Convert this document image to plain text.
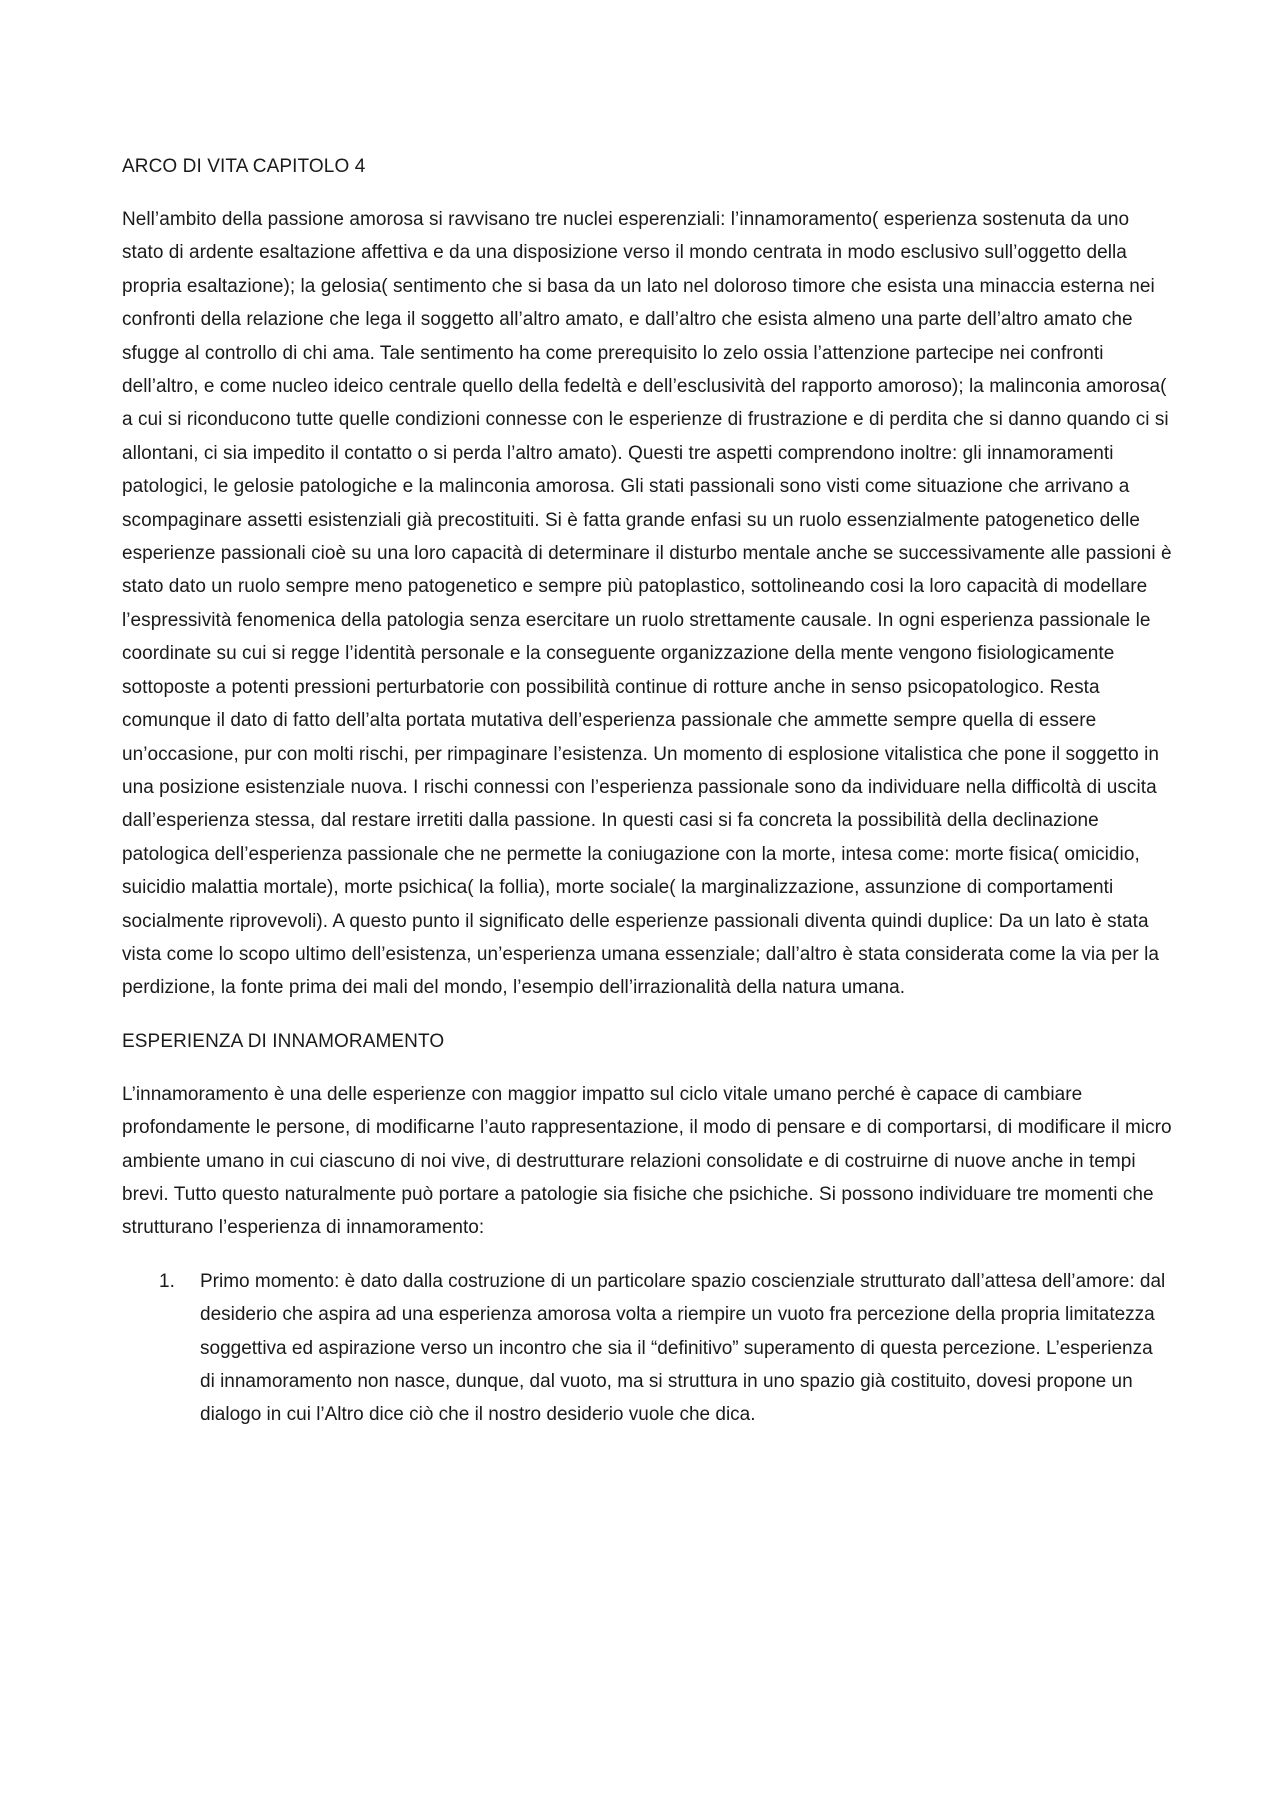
ARCO DI VITA CAPITOLO 4

Nell’ambito della passione amorosa si ravvisano tre nuclei esperenziali: l’innamoramento( esperienza sostenuta da uno stato di ardente esaltazione affettiva e da una disposizione verso il mondo centrata in modo esclusivo sull’oggetto della propria esaltazione); la gelosia( sentimento che si basa da un lato nel doloroso timore che esista una minaccia esterna nei confronti della relazione che lega il soggetto all’altro amato, e dall’altro che esista almeno una parte dell’altro amato che sfugge al controllo di chi ama. Tale sentimento ha come prerequisito lo zelo ossia l’attenzione partecipe nei confronti dell’altro, e come nucleo ideico centrale quello della fedeltà e dell’esclusività del rapporto amoroso); la malinconia amorosa( a cui si riconducono tutte quelle condizioni connesse con le esperienze di frustrazione e di perdita che si danno quando ci si allontani, ci sia impedito il contatto o si perda l’altro amato). Questi tre aspetti comprendono inoltre: gli innamoramenti patologici, le gelosie patologiche e la malinconia amorosa. Gli stati passionali sono visti come situazione che arrivano a scompaginare assetti esistenziali già precostituiti. Si è fatta grande enfasi su un ruolo essenzialmente patogenetico delle esperienze passionali cioè su una loro capacità di determinare il disturbo mentale anche se successivamente alle passioni è stato dato un ruolo sempre meno patogenetico e sempre più patoplastico, sottolineando cosi la loro capacità di modellare l’espressività fenomenica della patologia senza esercitare un ruolo strettamente causale. In ogni esperienza passionale le coordinate su cui si regge l’identità personale e la conseguente organizzazione della mente vengono fisiologicamente sottoposte a potenti pressioni perturbatorie con possibilità continue di rotture anche in senso psicopatologico. Resta comunque il dato di fatto dell’alta portata mutativa dell’esperienza passionale che ammette sempre quella di essere un’occasione, pur con molti rischi, per rimpaginare l’esistenza. Un momento di esplosione vitalistica che pone il soggetto in una posizione esistenziale nuova. I rischi connessi con l’esperienza passionale sono da individuare nella difficoltà di uscita dall’esperienza stessa, dal restare irretiti dalla passione. In questi casi si fa concreta la possibilità della declinazione patologica dell’esperienza passionale che ne permette la coniugazione con la morte, intesa come: morte fisica( omicidio, suicidio malattia mortale), morte psichica( la follia), morte sociale( la marginalizzazione, assunzione di comportamenti socialmente riprovevoli). A questo punto il significato delle esperienze passionali diventa quindi duplice: Da un lato è stata vista come lo scopo ultimo dell’esistenza, un’esperienza umana essenziale; dall’altro è stata considerata come la via per la perdizione, la fonte prima dei mali del mondo, l’esempio dell’irrazionalità della natura umana.

ESPERIENZA DI INNAMORAMENTO

L’innamoramento è una delle esperienze con maggior impatto sul ciclo vitale umano perché è capace di cambiare profondamente le persone, di modificarne l’auto rappresentazione, il modo di pensare e di comportarsi, di modificare il micro ambiente umano in cui ciascuno di noi vive, di destrutturare relazioni consolidate e di costruirne di nuove anche in tempi brevi. Tutto questo naturalmente può portare a patologie sia fisiche che psichiche. Si possono individuare tre momenti che strutturano l’esperienza di innamoramento:

1. Primo momento: è dato dalla costruzione di un particolare spazio coscienziale strutturato dall’attesa dell’amore: dal desiderio che aspira ad una esperienza amorosa volta a riempire un vuoto fra percezione della propria limitatezza soggettiva ed aspirazione verso un incontro che sia il “definitivo” superamento di questa percezione. L’esperienza di innamoramento non nasce, dunque, dal vuoto, ma si struttura in uno spazio già costituito, dovesi propone un dialogo in cui l’Altro dice ciò che il nostro desiderio vuole che dica.
